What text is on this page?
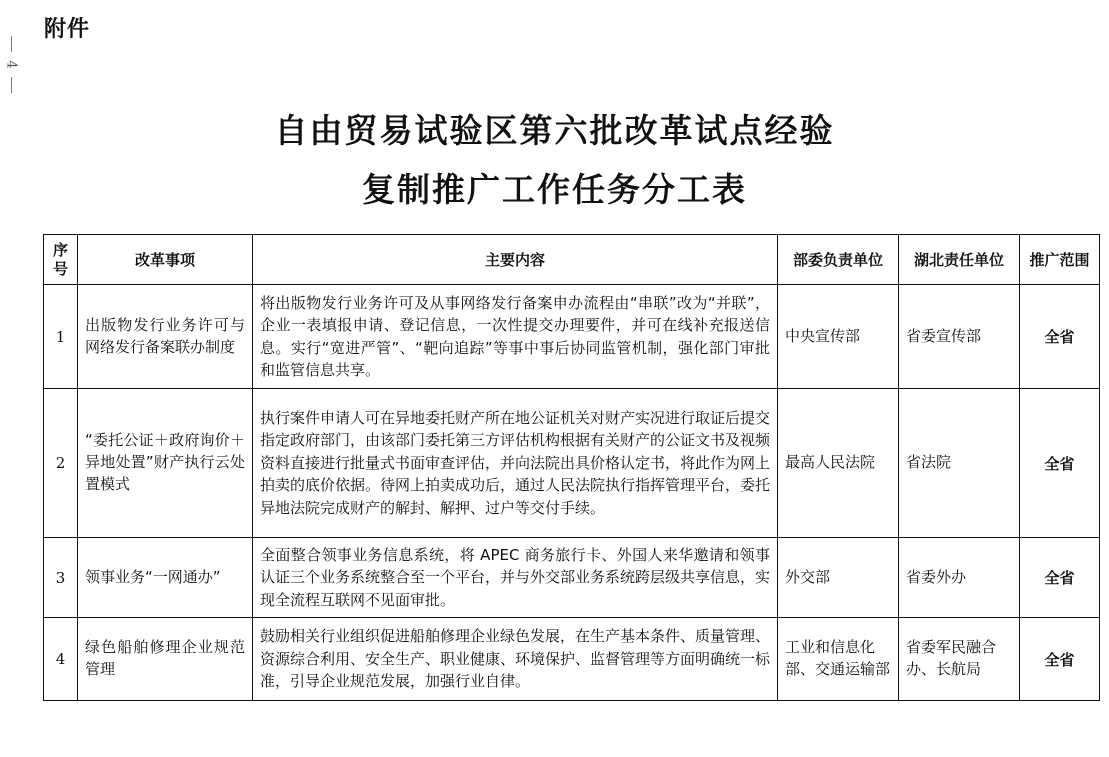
附件
4
自由贸易试验区第六批改革试点经验
复制推广工作任务分工表
序
号	改革事项	主要内容	部委负责单位	湖北责任单位	推广范围
1	出版物发行业务许可与网络发行备案联办制度	将出版物发行业务许可及从事网络发行备案申办流程由“串联”改为“并联”，企业一表填报申请、登记信息，一次性提交办理要件，并可在线补充报送信息。实行“宽进严管”、“靶向追踪”等事中事后协同监管机制，强化部门审批和监管信息共享。	中央宣传部	省委宣传部	全省
2	“委托公证＋政府询价＋异地处置”财产执行云处置模式	执行案件申请人可在异地委托财产所在地公证机关对财产实况进行取证后提交指定政府部门，由该部门委托第三方评估机构根据有关财产的公证文书及视频资料直接进行批量式书面审查评估，并向法院出具价格认定书，将此作为网上拍卖的底价依据。待网上拍卖成功后，通过人民法院执行指挥管理平台，委托异地法院完成财产的解封、解押、过户等交付手续。	最高人民法院	省法院	全省
3	领事业务“一网通办”	全面整合领事业务信息系统，将 APEC 商务旅行卡、外国人来华邀请和领事认证三个业务系统整合至一个平台，并与外交部业务系统跨层级共享信息，实现全流程互联网不见面审批。	外交部	省委外办	全省
4	绿色船舶修理企业规范管理	鼓励相关行业组织促进船舶修理企业绿色发展，在生产基本条件、质量管理、资源综合利用、安全生产、职业健康、环境保护、监督管理等方面明确统一标准，引导企业规范发展，加强行业自律。	工业和信息化部、交通运输部	省委军民融合办、长航局	全省
